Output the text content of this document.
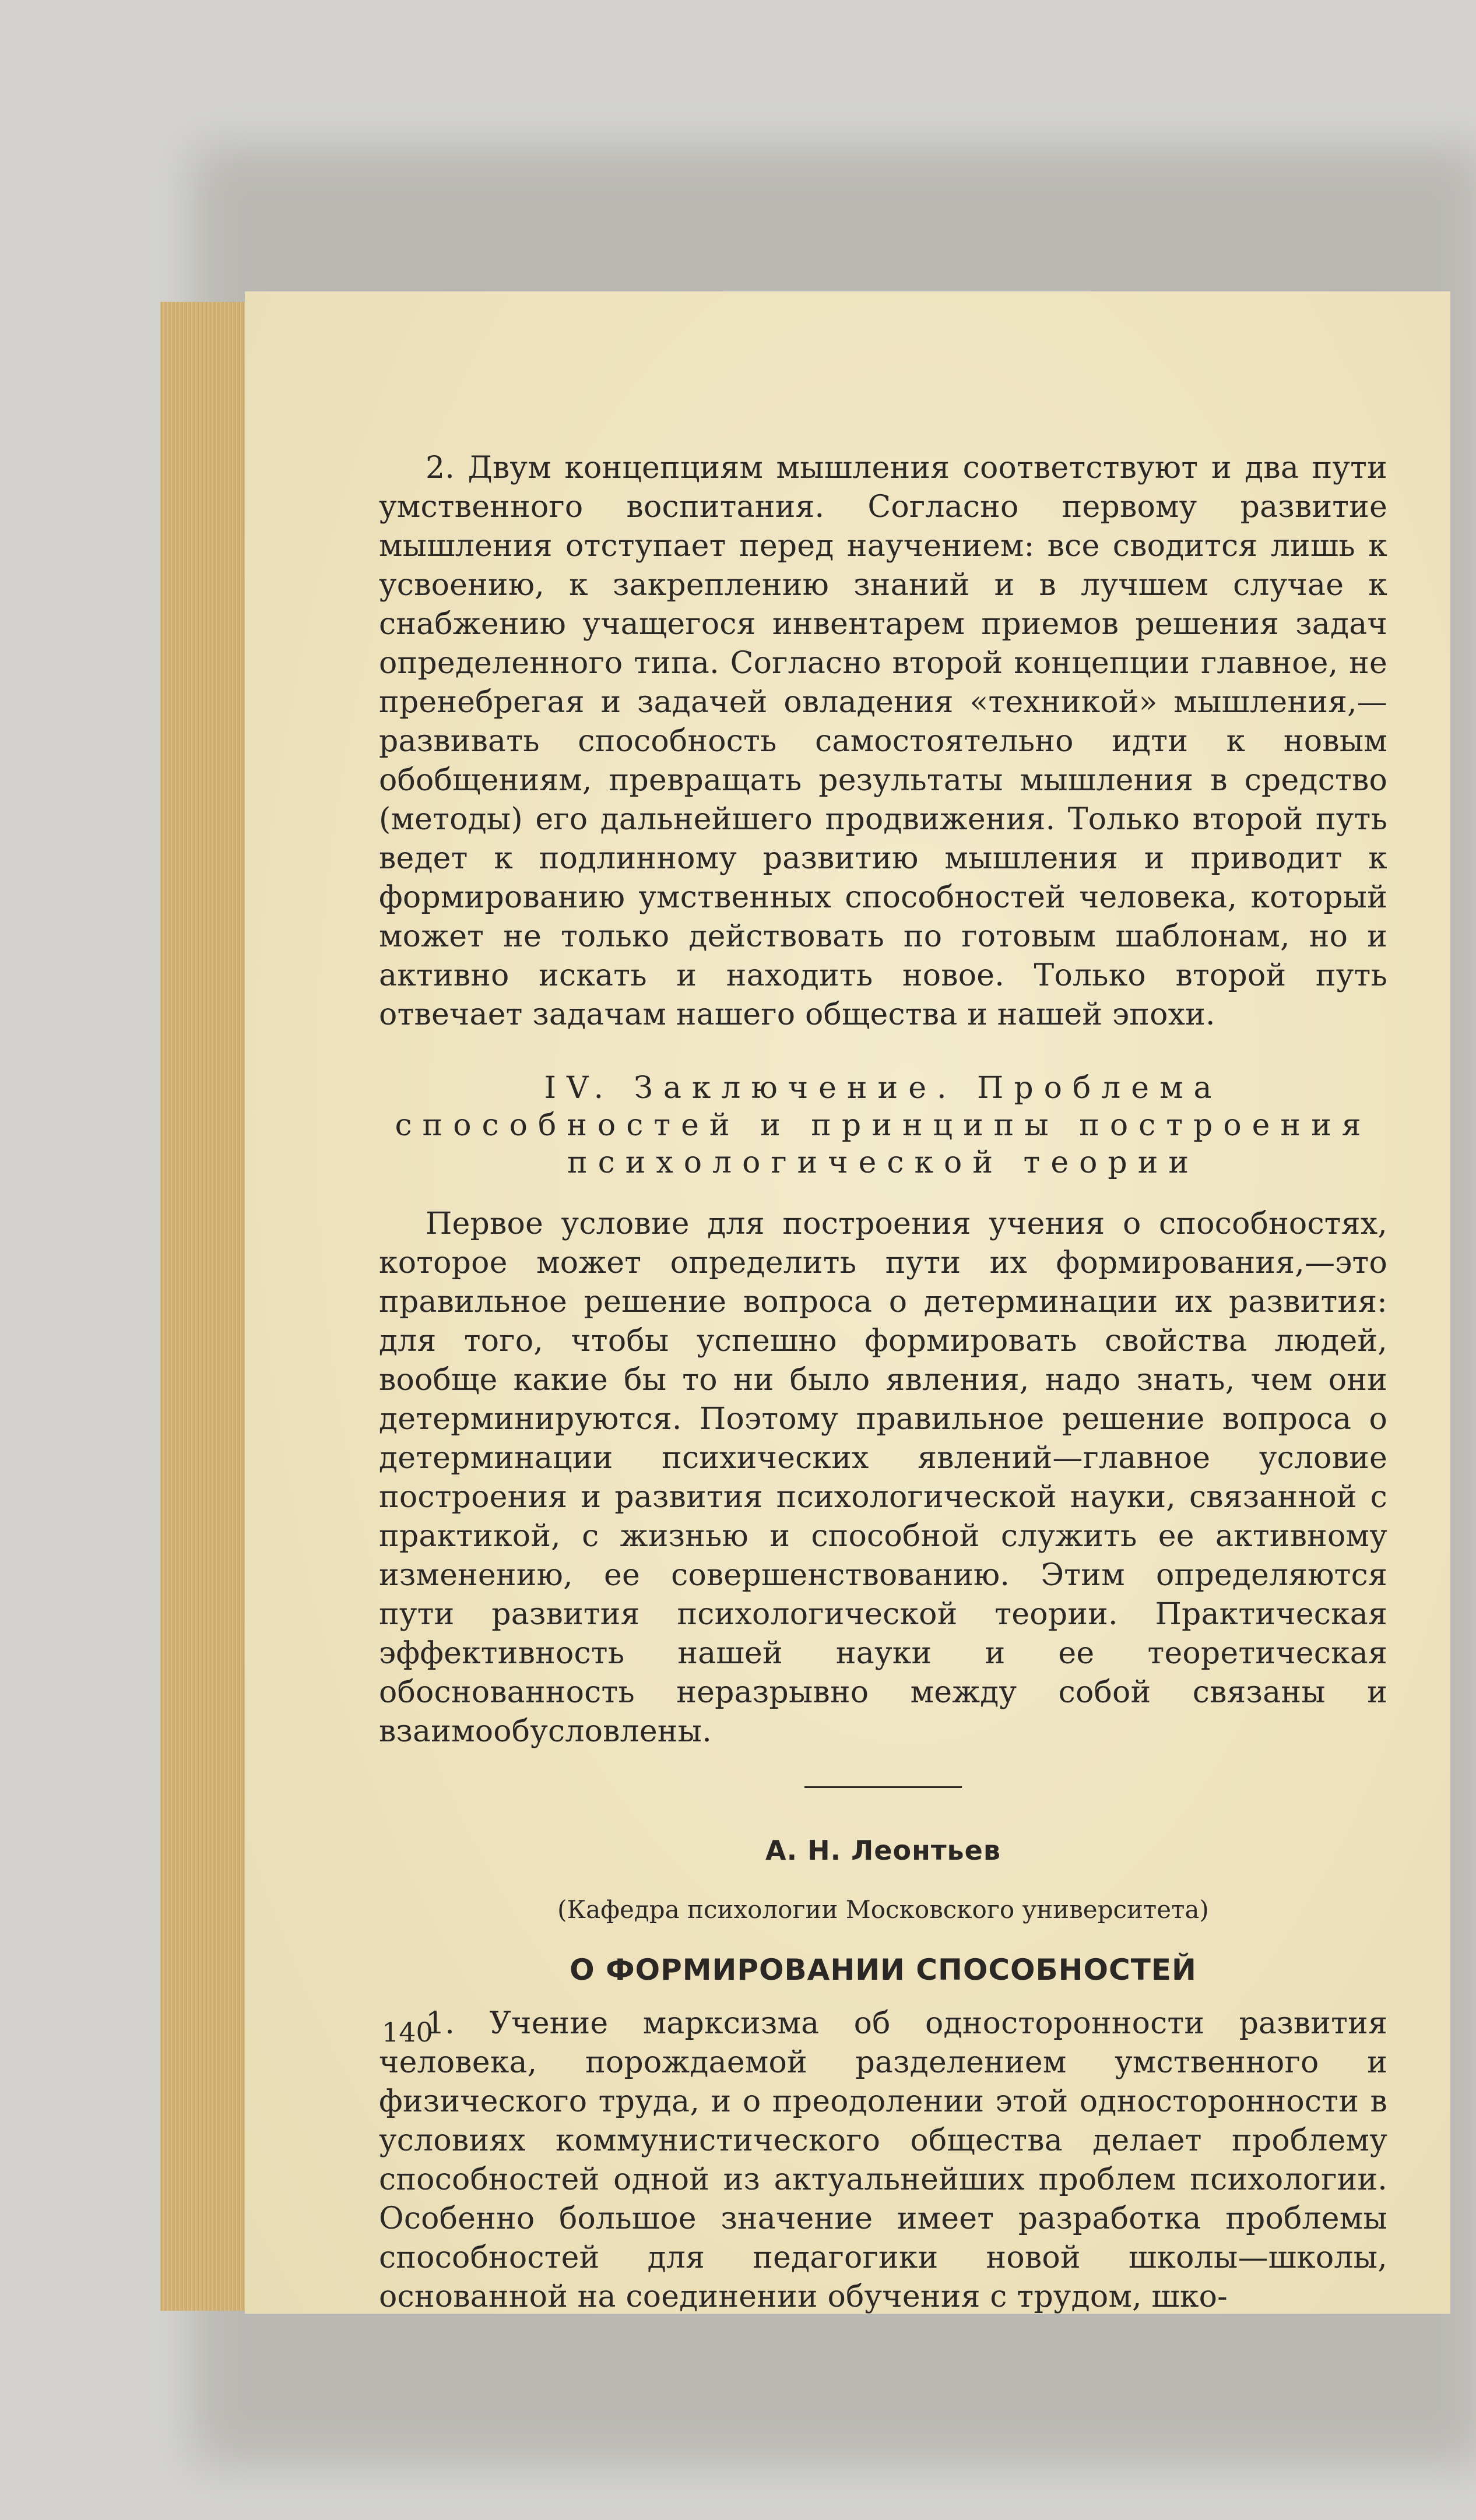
2. Двум концепциям мышления соответствуют и два пути умственного воспитания. Согласно первому развитие мышления отступает перед научением: все сводится лишь к усвоению, к закреплению знаний и в лучшем случае к снабжению учащегося инвентарем приемов решения задач определенного типа. Согласно второй концепции главное, не пренебрегая и задачей овладения «техникой» мышления,—развивать способность самостоятельно идти к новым обобщениям, превращать результаты мышления в средство (методы) его дальнейшего продвижения. Только второй путь ведет к подлинному развитию мышления и приводит к формированию умственных способностей человека, который может не только действовать по готовым шаблонам, но и активно искать и находить новое. Только второй путь отвечает задачам нашего общества и нашей эпохи.

IV. Заключение. Проблема способностей и принципы построения психологической теории

Первое условие для построения учения о способностях, которое может определить пути их формирования,—это правильное решение вопроса о детерминации их развития: для того, чтобы успешно формировать свойства людей, вообще какие бы то ни было явления, надо знать, чем они детерминируются. Поэтому правильное решение вопроса о детерминации психических явлений—главное условие построения и развития психологической науки, связанной с практикой, с жизнью и способной служить ее активному изменению, ее совершенствованию. Этим определяются пути развития психологической теории. Практическая эффективность нашей науки и ее теоретическая обоснованность неразрывно между собой связаны и взаимообусловлены.

А. Н. Леонтьев
(Кафедра психологии Московского университета)
О ФОРМИРОВАНИИ СПОСОБНОСТЕЙ

1. Учение марксизма об односторонности развития человека, порождаемой разделением умственного и физического труда, и о преодолении этой односторонности в условиях коммунистического общества делает проблему способностей одной из актуальнейших проблем психологии. Особенно большое значение имеет разработка проблемы способностей для педагогики новой школы—школы, основанной на соединении обучения с трудом, шко-

140
